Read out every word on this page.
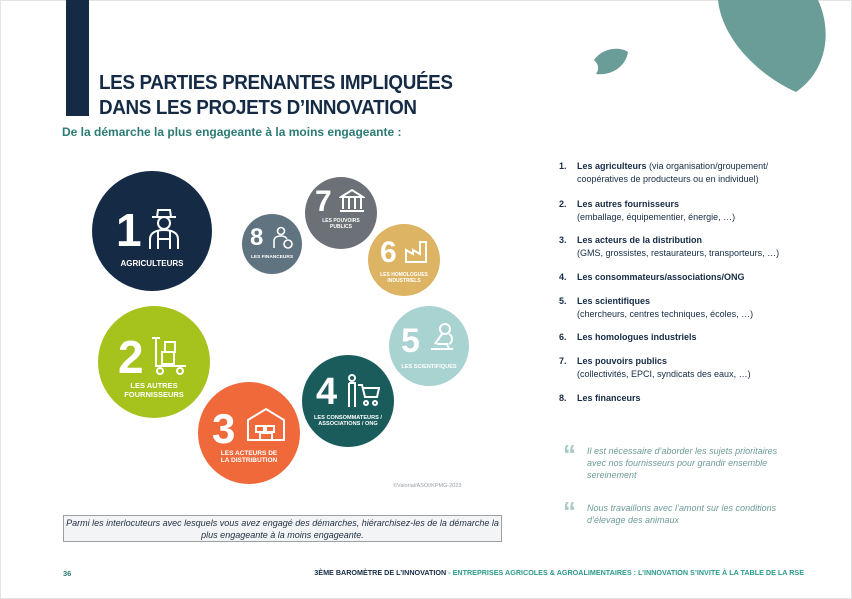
LES PARTIES PRENANTES IMPLIQUÉES
DANS LES PROJETS D’INNOVATION
De la démarche la plus engageante à la moins engageante :
1
AGRICULTEURS
2
LES AUTRES FOURNISSEURS
3
LES ACTEURS DE LA DISTRIBUTION
4
LES CONSOMMATEURS / ASSOCIATIONS / ONG
5
LES SCIENTIFIQUES
6
LES HOMOLOGUES INDUSTRIELS
7
LES POUVOIRS PUBLICS
8
LES FINANCEURS
©Valorial/ASOI/KPMG-2023
1. Les agriculteurs (via organisation/groupement/ coopératives de producteurs ou en individuel)
2. Les autres fournisseurs
(emballage, équipementier, énergie, …)
3. Les acteurs de la distribution
(GMS, grossistes, restaurateurs, transporteurs, …)
4. Les consommateurs/associations/ONG
5. Les scientifiques
(chercheurs, centres techniques, écoles, …)
6. Les homologues industriels
7. Les pouvoirs publics
(collectivités, EPCI, syndicats des eaux, …)
8. Les financeurs
“ Il est nécessaire d’aborder les sujets prioritaires avec nos fournisseurs pour grandir ensemble sereinement
“ Nous travaillons avec l’amont sur les conditions d’élevage des animaux
Parmi les interlocuteurs avec lesquels vous avez engagé des démarches, hiérarchisez-les de la démarche la plus engageante à la moins engageante.
36	3ÈME BAROMÈTRE DE L’INNOVATION - ENTREPRISES AGRICOLES & AGROALIMENTAIRES : L’INNOVATION S’INVITE À LA TABLE DE LA RSE
